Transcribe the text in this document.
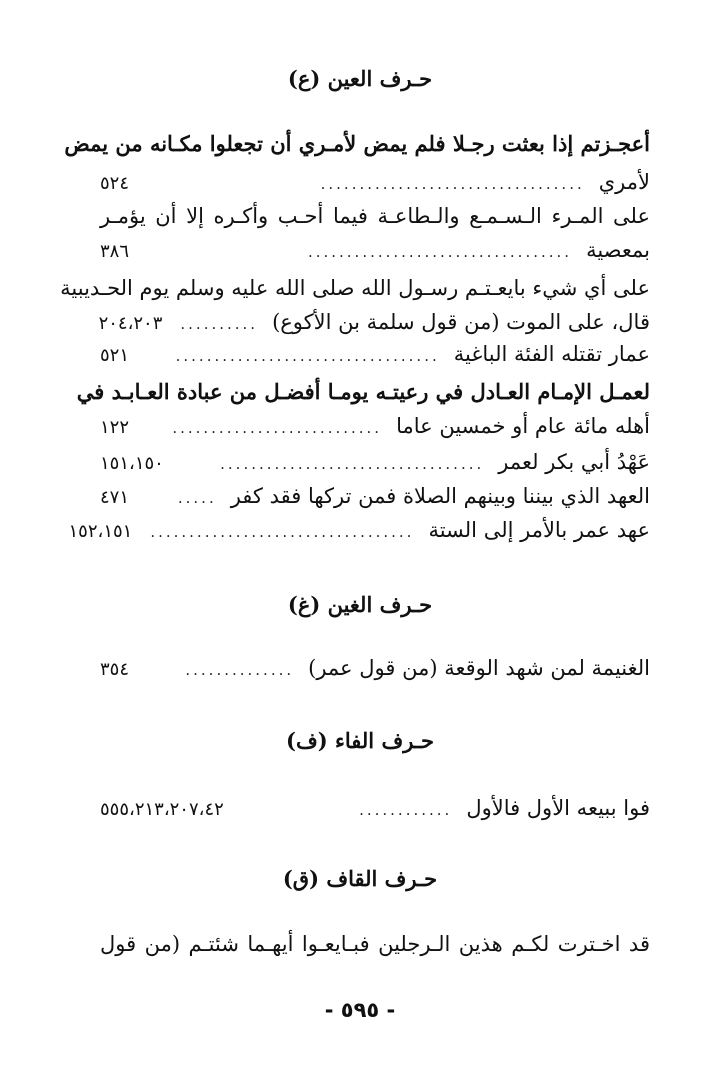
حـرف العين (ع)
أعجـزتم إذا بعثت رجـلا فلم يمض لأمـري أن تجعلوا مكـانه من يمض
لأمري
..................................
٥٢٤
على المـرء الـسـمـع والـطاعـة فيما أحـب وأكـره إلا أن يؤمـر
بمعصية
..................................
٣٨٦
على أي شيء بايعـتـم رسـول الله صلى الله عليه وسلم يوم الحـديبية
قال، على الموت (من قول سلمة بن الأكوع)
..........
٢٠٤،٢٠٣
عمار تقتله الفئة الباغية
..................................
٥٢١
لعمـل الإمـام العـادل في رعيتـه يومـا أفضـل من عبادة العـابـد في
أهله مائة عام أو خمسين عاما
...........................
١٢٢
عَهْدُ أبي بكر لعمر
..................................
١٥١،١٥٠
العهد الذي بيننا وبينهم الصلاة فمن تركها فقد كفر
.....
٤٧١
عهد عمر بالأمر إلى الستة
..................................
١٥٢،١٥١
حـرف الغين (غ)
الغنيمة لمن شهد الوقعة (من قول عمر)
..............
٣٥٤
حـرف الفاء (ف)
فوا ببيعه الأول فالأول
............
٥٥٥،٢١٣،٢٠٧،٤٢
حـرف القاف (ق)
قد اخـترت لكـم هذين الـرجلين فبـايعـوا أيهـما شئتـم (من قول
- ٥٩٥ -
